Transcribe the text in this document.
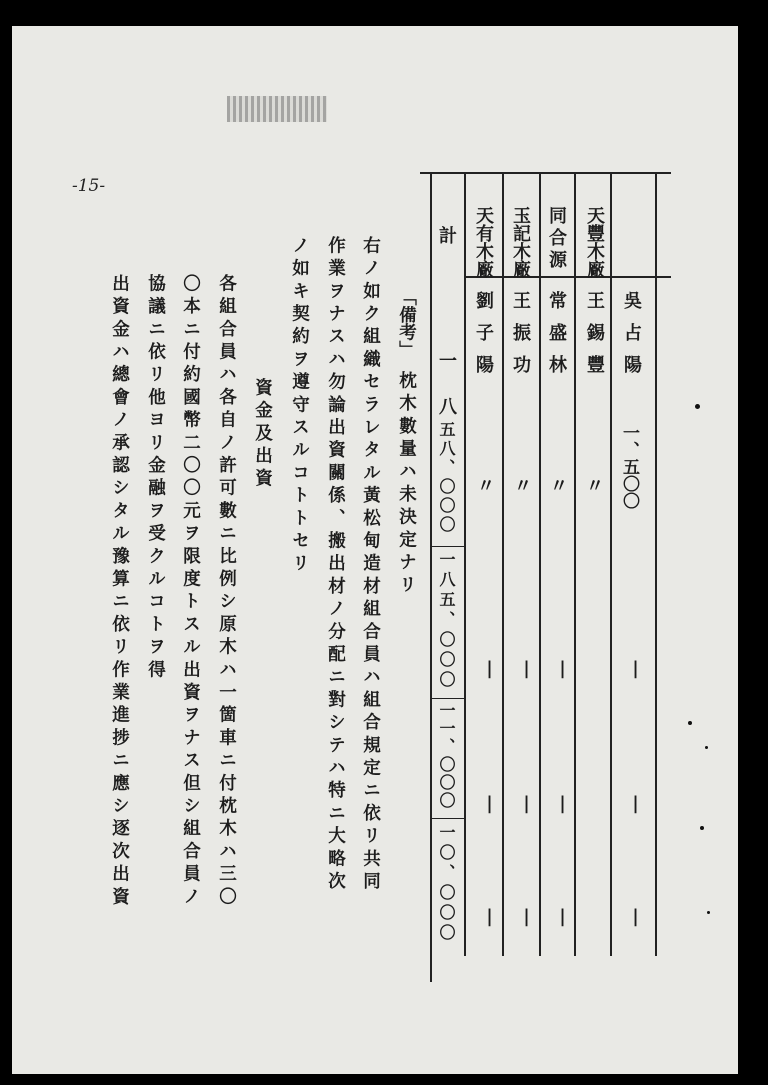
-15-
天豐木廠
王錫豐
一、五〇〇
|
|
|
吳占陽
同合源
常盛林
〃
|
|
|
玉記木廠
王振功
〃
|
|
|
天有木廠
劉子陽
〃
|
|
|
〃
計
一八
五八、〇〇〇
一八五、〇〇〇
一一、〇〇〇
一〇、〇〇〇
「備考」
枕木數量ハ未決定ナリ
右ノ如ク組織セラレタル黃松甸造材組合員ハ組合規定ニ依リ共同
作業ヲナスハ勿論出資關係、搬出材ノ分配ニ對シテハ特ニ大略次
ノ如キ契約ヲ遵守スルコトトセリ
資金及出資
各組合員ハ各自ノ許可數ニ比例シ原木ハ一箇車ニ付枕木ハ三〇
〇本ニ付約國幣二〇〇元ヲ限度トスル出資ヲナス但シ組合員ノ
協議ニ依リ他ヨリ金融ヲ受クルコトヲ得
出資金ハ總會ノ承認シタル豫算ニ依リ作業進捗ニ應シ逐次出資
